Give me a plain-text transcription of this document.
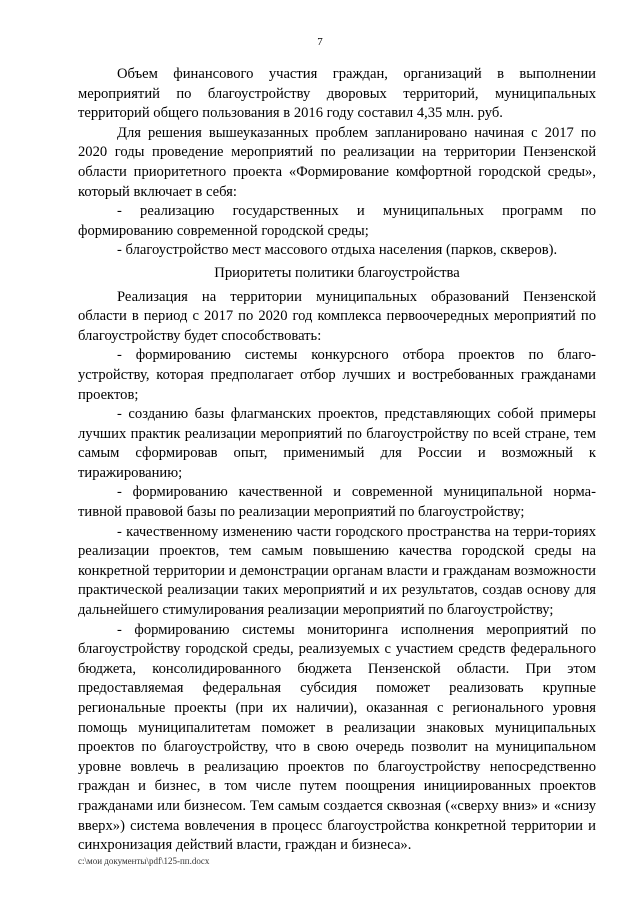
7

Объем финансового участия граждан, организаций в выполнении мероприятий по благоустройству дворовых территорий, муниципальных территорий общего пользования в 2016 году составил 4,35 млн. руб.

Для решения вышеуказанных проблем запланировано начиная с 2017 по 2020 годы проведение мероприятий по реализации на территории Пензенской области приоритетного проекта «Формирование комфортной городской среды», который включает в себя:

- реализацию государственных и муниципальных программ по формированию современной городской среды;

- благоустройство мест массового отдыха населения (парков, скверов).

Приоритеты политики благоустройства

Реализация на территории муниципальных образований Пензенской области в период с 2017 по 2020 год комплекса первоочередных мероприятий по благоустройству будет способствовать:

- формированию системы конкурсного отбора проектов по благо-устройству, которая предполагает отбор лучших и востребованных гражданами проектов;

- созданию базы флагманских проектов, представляющих собой примеры лучших практик реализации мероприятий по благоустройству по всей стране, тем самым сформировав опыт, применимый для России и возможный к тиражированию;

- формированию качественной и современной муниципальной норма-тивной правовой базы по реализации мероприятий по благоустройству;

- качественному изменению части городского пространства на терри-ториях реализации проектов, тем самым повышению качества городской среды на конкретной территории и демонстрации органам власти и гражданам возможности практической реализации таких мероприятий и их результатов, создав основу для дальнейшего стимулирования реализации мероприятий по благоустройству;

- формированию системы мониторинга исполнения мероприятий по благоустройству городской среды, реализуемых с участием средств федерального бюджета, консолидированного бюджета Пензенской области. При этом предоставляемая федеральная субсидия поможет реализовать крупные региональные проекты (при их наличии), оказанная с регионального уровня помощь муниципалитетам поможет в реализации знаковых муниципальных проектов по благоустройству, что в свою очередь позволит на муниципальном уровне вовлечь в реализацию проектов по благоустройству непосредственно граждан и бизнес, в том числе путем поощрения инициированных проектов гражданами или бизнесом. Тем самым создается сквозная («сверху вниз» и «снизу вверх») система вовлечения в процесс благоустройства конкретной территории и синхронизация действий власти, граждан и бизнеса».

c:\мои документы\pdf\125-пп.docx
